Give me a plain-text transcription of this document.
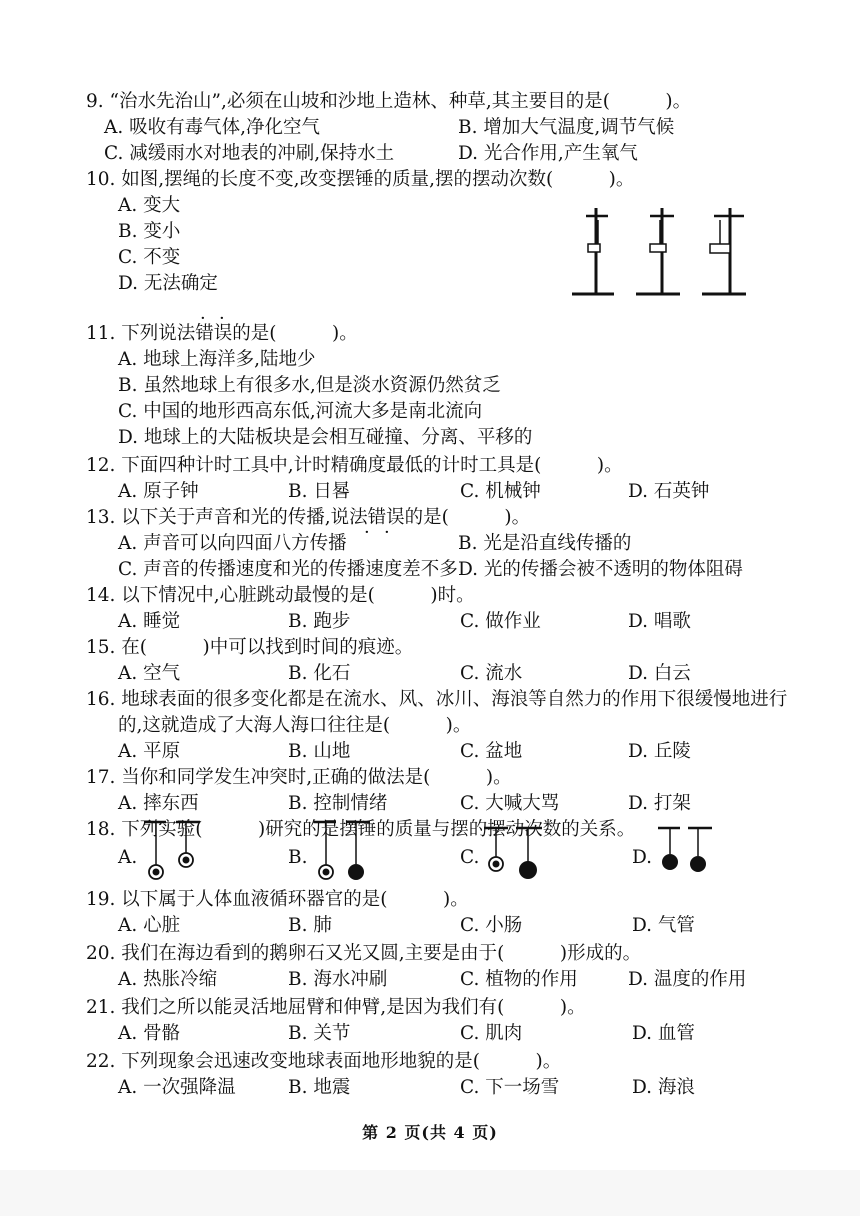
9. “治水先治山”,必须在山坡和沙地上造林、种草,其主要目的是(　　　)。
A. 吸收有毒气体,净化空气	B. 增加大气温度,调节气候
C. 减缓雨水对地表的冲刷,保持水土	D. 光合作用,产生氧气
10. 如图,摆绳的长度不变,改变摆锤的质量,摆的摆动次数(　　　)。
A. 变大
B. 变小
C. 不变
D. 无法确定
11. 下列说法错误的是(　　　)。
· ·
A. 地球上海洋多,陆地少
B. 虽然地球上有很多水,但是淡水资源仍然贫乏
C. 中国的地形西高东低,河流大多是南北流向
D. 地球上的大陆板块是会相互碰撞、分离、平移的
12. 下面四种计时工具中,计时精确度最低的计时工具是(　　　)。
A. 原子钟	B. 日晷	C. 机械钟	D. 石英钟
13. 以下关于声音和光的传播,说法错误的是(　　　)。
· ·
A. 声音可以向四面八方传播	B. 光是沿直线传播的
C. 声音的传播速度和光的传播速度差不多 D. 光的传播会被不透明的物体阻碍
14. 以下情况中,心脏跳动最慢的是(　　　)时。
A. 睡觉	B. 跑步	C. 做作业	D. 唱歌
15. 在(　　　)中可以找到时间的痕迹。
A. 空气	B. 化石	C. 流水	D. 白云
16. 地球表面的很多变化都是在流水、风、冰川、海浪等自然力的作用下很缓慢地进行
的,这就造成了大海人海口往往是(　　　)。
A. 平原	B. 山地	C. 盆地	D. 丘陵
17. 当你和同学发生冲突时,正确的做法是(　　　)。
A. 摔东西	B. 控制情绪	C. 大喊大骂	D. 打架
18. 下列实验(　　　)研究的是摆锤的质量与摆的摆动次数的关系。
A.	B.	C.	D.
19. 以下属于人体血液循环器官的是(　　　)。
A. 心脏	B. 肺	C. 小肠	D. 气管
20. 我们在海边看到的鹅卵石又光又圆,主要是由于(　　　)形成的。
A. 热胀冷缩	B. 海水冲刷	C. 植物的作用	D. 温度的作用
21. 我们之所以能灵活地屈臂和伸臂,是因为我们有(　　　)。
A. 骨骼	B. 关节	C. 肌肉	D. 血管
22. 下列现象会迅速改变地球表面地形地貌的是(　　　)。
A. 一次强降温	B. 地震	C. 下一场雪	D. 海浪
第 2 页(共 4 页)
